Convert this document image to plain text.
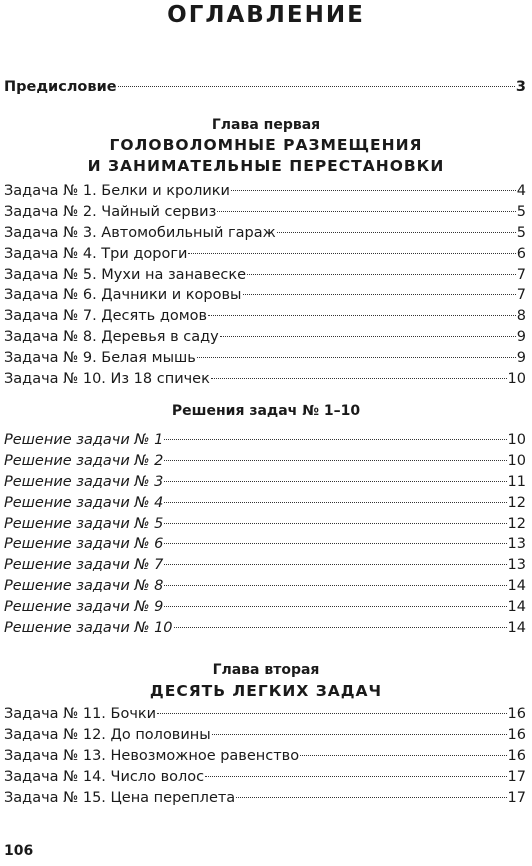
ОГЛАВЛЕНИЕ
Предисловие	3
Глава первая
ГОЛОВОЛОМНЫЕ РАЗМЕЩЕНИЯ
И ЗАНИМАТЕЛЬНЫЕ ПЕРЕСТАНОВКИ
Задача № 1. Белки и кролики	4
Задача № 2. Чайный сервиз	5
Задача № 3. Автомобильный гараж	5
Задача № 4. Три дороги	6
Задача № 5. Мухи на занавеске	7
Задача № 6. Дачники и коровы	7
Задача № 7. Десять домов	8
Задача № 8. Деревья в саду	9
Задача № 9. Белая мышь	9
Задача № 10. Из 18 спичек	10
Решения задач № 1–10
Решение задачи № 1	10
Решение задачи № 2	10
Решение задачи № 3	11
Решение задачи № 4	12
Решение задачи № 5	12
Решение задачи № 6	13
Решение задачи № 7	13
Решение задачи № 8	14
Решение задачи № 9	14
Решение задачи № 10	14
Глава вторая
ДЕСЯТЬ ЛЕГКИХ ЗАДАЧ
Задача № 11. Бочки	16
Задача № 12. До половины	16
Задача № 13. Невозможное равенство	16
Задача № 14. Число волос	17
Задача № 15. Цена переплета	17
106
